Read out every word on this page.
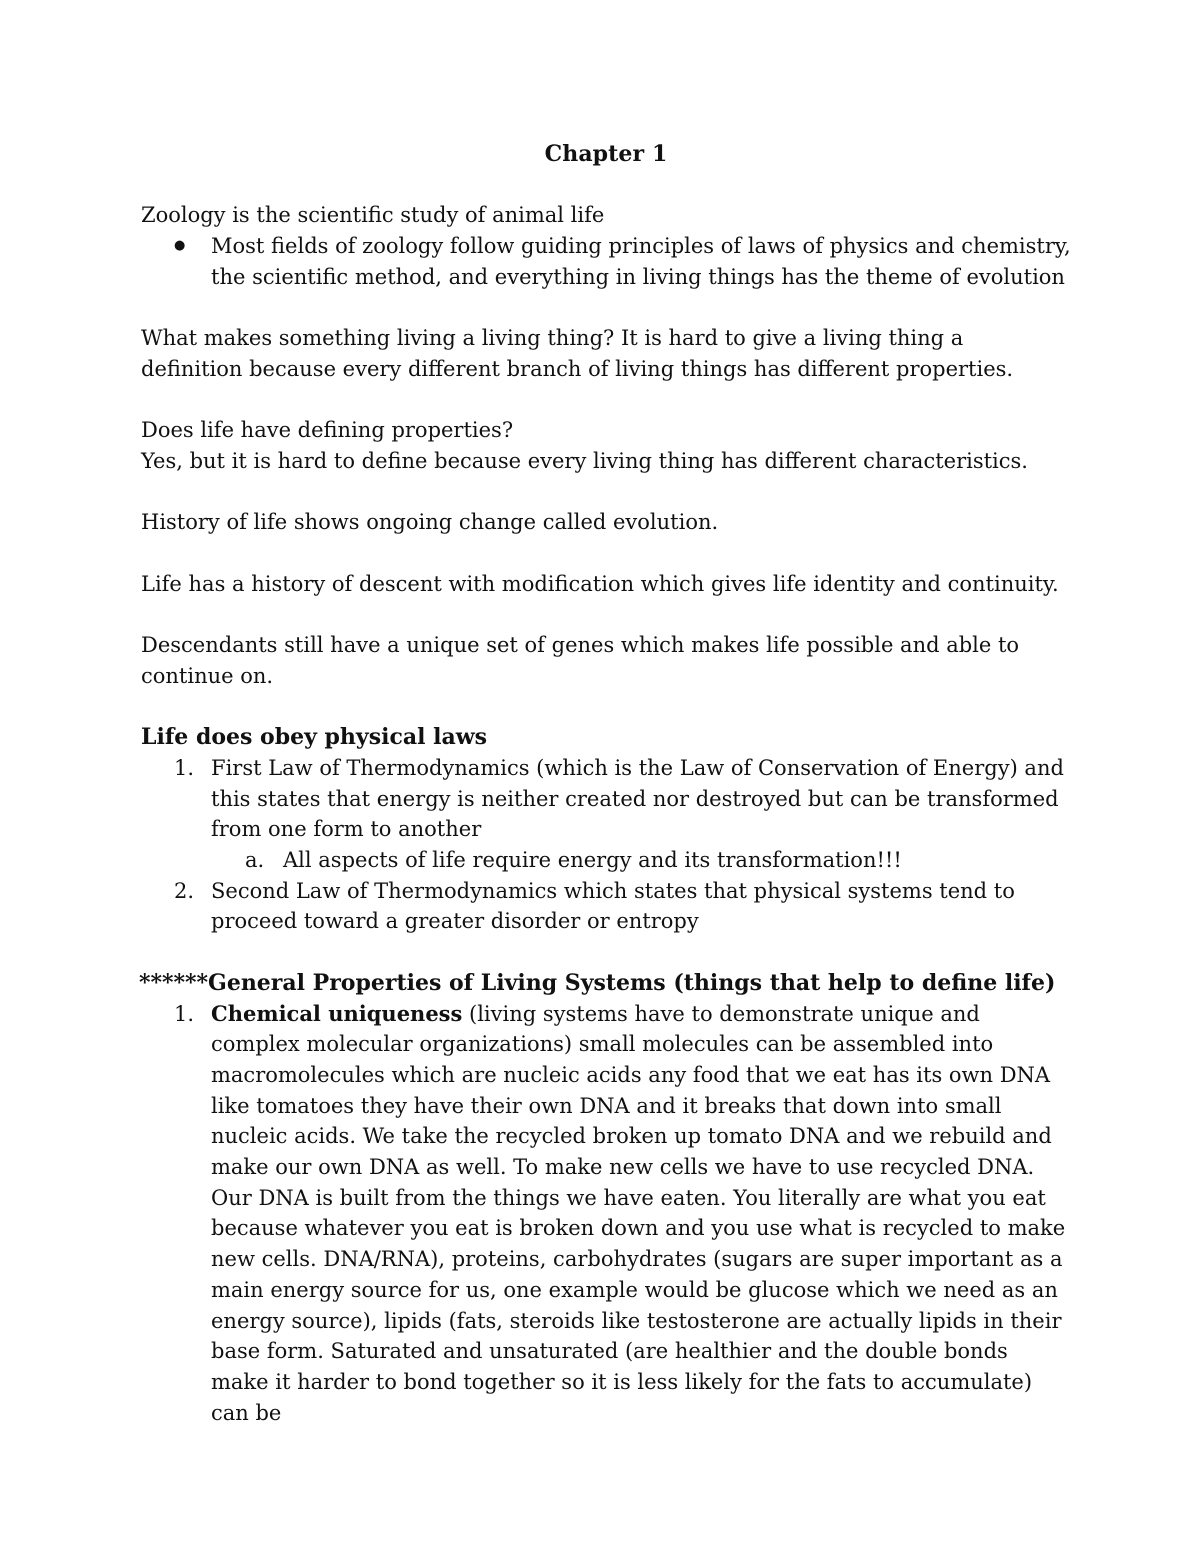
Chapter 1

Zoology is the scientific study of animal life

● Most fields of zoology follow guiding principles of laws of physics and chemistry, the scientific method, and everything in living things has the theme of evolution

What makes something living a living thing? It is hard to give a living thing a definition because every different branch of living things has different properties.

Does life have defining properties?

Yes, but it is hard to define because every living thing has different characteristics.

History of life shows ongoing change called evolution.

Life has a history of descent with modification which gives life identity and continuity.

Descendants still have a unique set of genes which makes life possible and able to continue on.

Life does obey physical laws

1. First Law of Thermodynamics (which is the Law of Conservation of Energy) and this states that energy is neither created nor destroyed but can be transformed from one form to another
a. All aspects of life require energy and its transformation!!!
2. Second Law of Thermodynamics which states that physical systems tend to proceed toward a greater disorder or entropy

******General Properties of Living Systems (things that help to define life)

1. Chemical uniqueness (living systems have to demonstrate unique and complex molecular organizations) small molecules can be assembled into macromolecules which are nucleic acids any food that we eat has its own DNA like tomatoes they have their own DNA and it breaks that down into small nucleic acids. We take the recycled broken up tomato DNA and we rebuild and make our own DNA as well. To make new cells we have to use recycled DNA. Our DNA is built from the things we have eaten. You literally are what you eat because whatever you eat is broken down and you use what is recycled to make new cells. DNA/RNA), proteins, carbohydrates (sugars are super important as a main energy source for us, one example would be glucose which we need as an energy source), lipids (fats, steroids like testosterone are actually lipids in their base form. Saturated and unsaturated (are healthier and the double bonds make it harder to bond together so it is less likely for the fats to accumulate) can be
